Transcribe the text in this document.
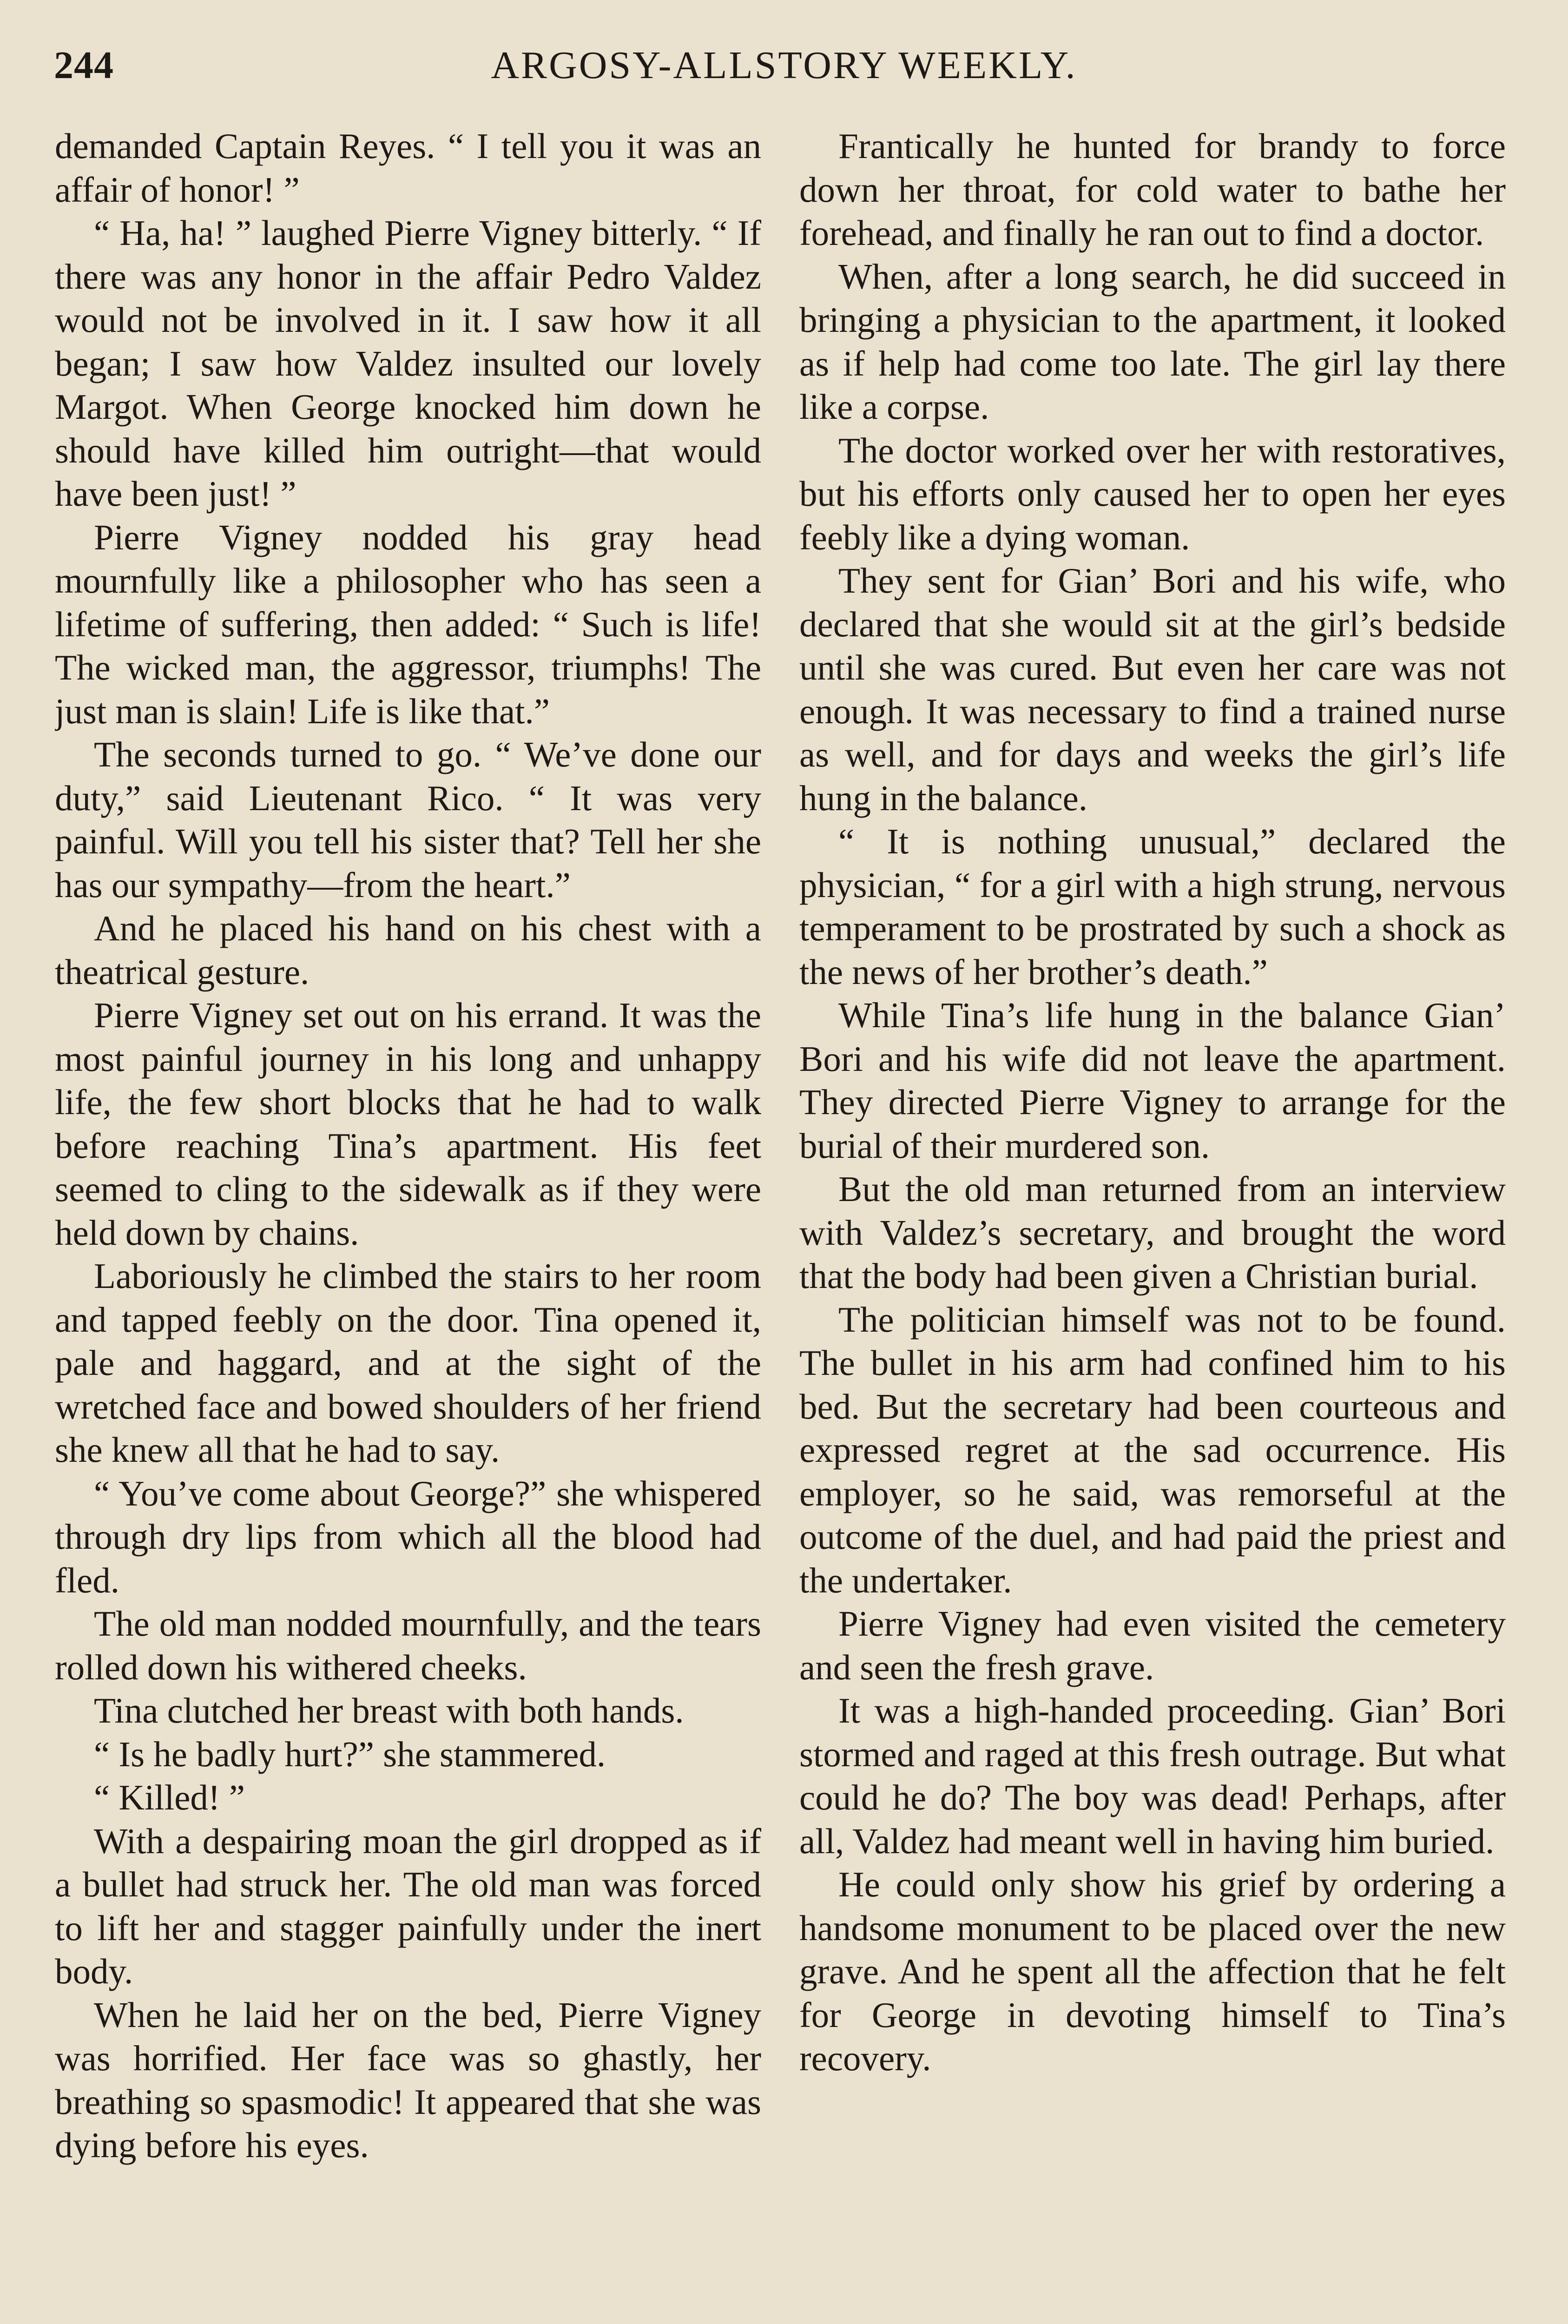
244	ARGOSY-ALLSTORY WEEKLY.

demanded Captain Reyes. “ I tell you it was an affair of honor! ”

“ Ha, ha! ” laughed Pierre Vigney bitterly. “ If there was any honor in the affair Pedro Valdez would not be involved in it. I saw how it all began; I saw how Valdez insulted our lovely Margot. When George knocked him down he should have killed him outright—that would have been just! ”

Pierre Vigney nodded his gray head mournfully like a philosopher who has seen a lifetime of suffering, then added: “ Such is life! The wicked man, the aggressor, triumphs! The just man is slain! Life is like that.”

The seconds turned to go. “ We’ve done our duty,” said Lieutenant Rico. “ It was very painful. Will you tell his sister that? Tell her she has our sympathy—from the heart.”

And he placed his hand on his chest with a theatrical gesture.

Pierre Vigney set out on his errand. It was the most painful journey in his long and unhappy life, the few short blocks that he had to walk before reaching Tina’s apartment. His feet seemed to cling to the sidewalk as if they were held down by chains.

Laboriously he climbed the stairs to her room and tapped feebly on the door. Tina opened it, pale and haggard, and at the sight of the wretched face and bowed shoulders of her friend she knew all that he had to say.

“ You’ve come about George?” she whispered through dry lips from which all the blood had fled.

The old man nodded mournfully, and the tears rolled down his withered cheeks.

Tina clutched her breast with both hands.

“ Is he badly hurt?” she stammered.

“ Killed! ”

With a despairing moan the girl dropped as if a bullet had struck her. The old man was forced to lift her and stagger painfully under the inert body.

When he laid her on the bed, Pierre Vigney was horrified. Her face was so ghastly, her breathing so spasmodic! It appeared that she was dying before his eyes.

Frantically he hunted for brandy to force down her throat, for cold water to bathe her forehead, and finally he ran out to find a doctor.

When, after a long search, he did succeed in bringing a physician to the apartment, it looked as if help had come too late. The girl lay there like a corpse.

The doctor worked over her with restoratives, but his efforts only caused her to open her eyes feebly like a dying woman.

They sent for Gian’ Bori and his wife, who declared that she would sit at the girl’s bedside until she was cured. But even her care was not enough. It was necessary to find a trained nurse as well, and for days and weeks the girl’s life hung in the balance.

“ It is nothing unusual,” declared the physician, “ for a girl with a high strung, nervous temperament to be prostrated by such a shock as the news of her brother’s death.”

While Tina’s life hung in the balance Gian’ Bori and his wife did not leave the apartment. They directed Pierre Vigney to arrange for the burial of their murdered son.

But the old man returned from an interview with Valdez’s secretary, and brought the word that the body had been given a Christian burial.

The politician himself was not to be found. The bullet in his arm had confined him to his bed. But the secretary had been courteous and expressed regret at the sad occurrence. His employer, so he said, was remorseful at the outcome of the duel, and had paid the priest and the undertaker.

Pierre Vigney had even visited the cemetery and seen the fresh grave.

It was a high-handed proceeding. Gian’ Bori stormed and raged at this fresh outrage. But what could he do? The boy was dead! Perhaps, after all, Valdez had meant well in having him buried.

He could only show his grief by ordering a handsome monument to be placed over the new grave. And he spent all the affection that he felt for George in devoting himself to Tina’s recovery.
